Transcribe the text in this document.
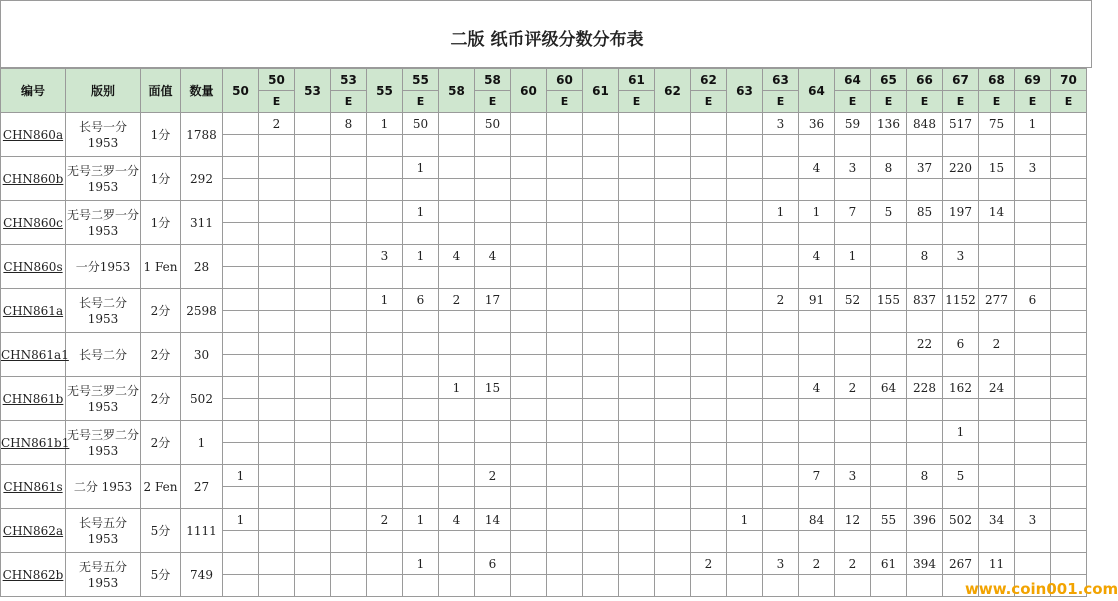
二版 纸币评级分数分布表
编号	版别	面值	数量	50	50	53	53	55	55	58	58	60	60	61	61	62	62	63	63	64	64	65	66	67	68	69	70
					E		E		E		E		E		E		E		E		E	E	E	E	E	E	E
CHN860a	长号一分1953	1分	1788		2		8	1	50		50								3	36	59	136	848	517	75	1	

CHN860b	无号三罗一分1953	1分	292						1											4	3	8	37	220	15	3	

CHN860c	无号二罗一分1953	1分	311						1										1	1	7	5	85	197	14		

CHN860s	一分1953	1 Fen	28					3	1	4	4									4	1		8	3			

CHN861a	长号二分1953	2分	2598					1	6	2	17								2	91	52	155	837	1152	277	6	

CHN861a1	长号二分	2分	30																				22	6	2		

CHN861b	无号三罗二分1953	2分	502							1	15									4	2	64	228	162	24		

CHN861b1	无号三罗二分1953	2分	1																					1			

CHN861s	二分 1953	2 Fen	27	1							2									7	3		8	5			

CHN862a	长号五分1953	5分	1111	1				2	1	4	14							1		84	12	55	396	502	34	3	

CHN862b	无号五分1953	5分	749						1		6						2		3	2	2	61	394	267	11		

www.coin001.com
